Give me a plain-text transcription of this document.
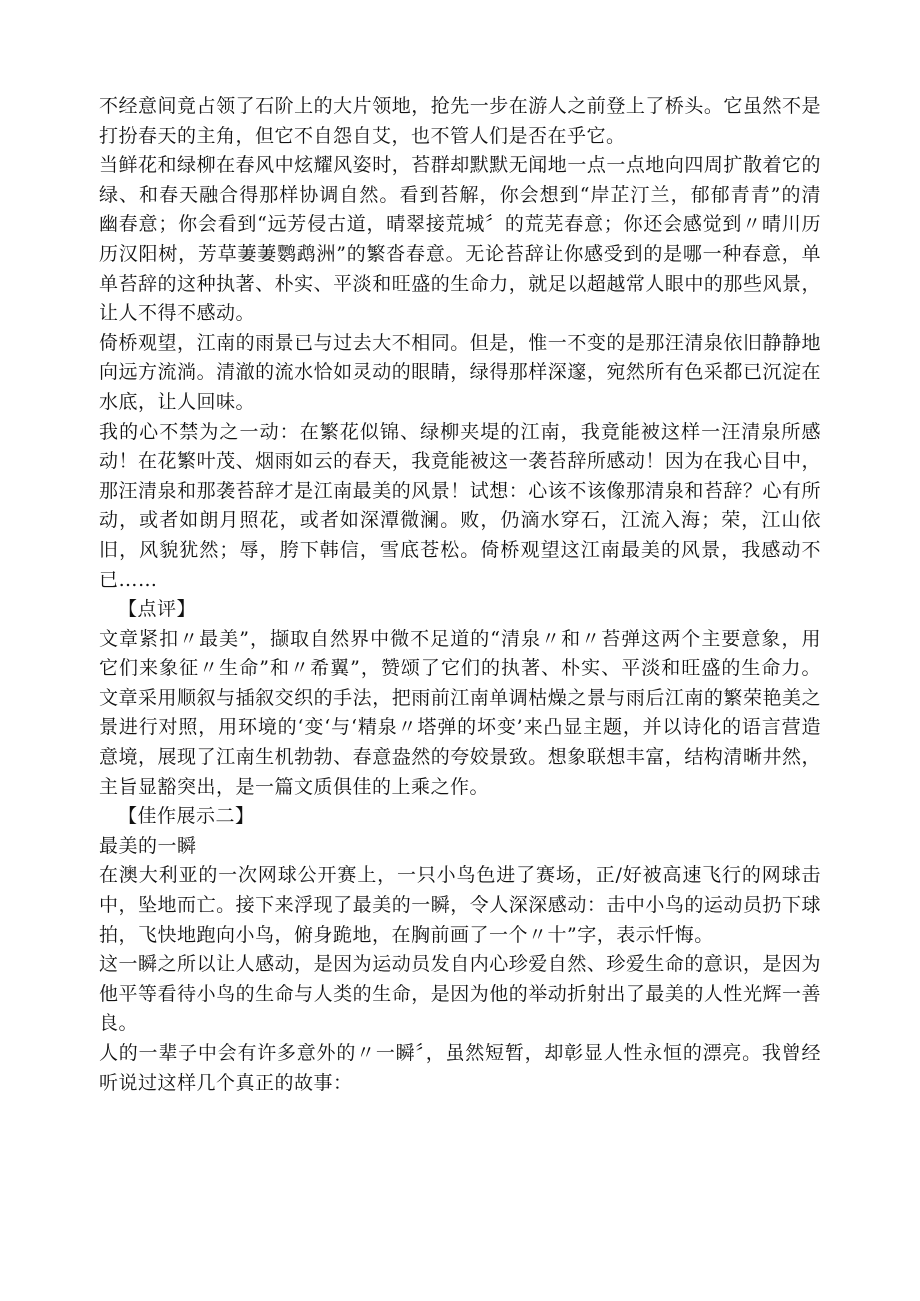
不经意间竟占领了石阶上的大片领地，抢先一步在游人之前登上了桥头。它虽然不是打扮春天的主角，但它不自怨自艾，也不管人们是否在乎它。

当鲜花和绿柳在春风中炫耀风姿时，苔群却默默无闻地一点一点地向四周扩散着它的绿、和春天融合得那样协调自然。看到苔解，你会想到“岸芷汀兰，郁郁青青”的清幽春意；你会看到“远芳侵古道，晴翠接荒城〞的荒芜春意；你还会感觉到〃晴川历历汉阳树，芳草萋萋鹦鹉洲”的繁沓春意。无论苔辞让你感受到的是哪一种春意，单单苔辞的这种执著、朴实、平淡和旺盛的生命力，就足以超越常人眼中的那些风景，让人不得不感动。

倚桥观望，江南的雨景已与过去大不相同。但是，惟一不变的是那汪清泉依旧静静地向远方流淌。清澈的流水恰如灵动的眼睛，绿得那样深邃，宛然所有色采都已沉淀在水底，让人回味。

我的心不禁为之一动：在繁花似锦、绿柳夹堤的江南，我竟能被这样一汪清泉所感动！在花繁叶茂、烟雨如云的春天，我竟能被这一袭苔辞所感动！因为在我心目中，那汪清泉和那袭苔辞才是江南最美的风景！试想：心该不该像那清泉和苔辞？心有所动，或者如朗月照花，或者如深潭微澜。败，仍滴水穿石，江流入海；荣，江山依旧，风貌犹然；辱，胯下韩信，雪底苍松。倚桥观望这江南最美的风景，我感动不已……

【点评】

文章紧扣〃最美”，撷取自然界中微不足道的“清泉〃和〃苔弹这两个主要意象，用它们来象征〃生命”和〃希翼”，赞颂了它们的执著、朴实、平淡和旺盛的生命力。文章采用顺叙与插叙交织的手法，把雨前江南单调枯燥之景与雨后江南的繁荣艳美之景进行对照，用环境的‘变‘与‘精泉〃塔弹的坏变’来凸显主题，并以诗化的语言营造意境，展现了江南生机勃勃、春意盎然的夸姣景致。想象联想丰富，结构清晰井然，主旨显豁突出，是一篇文质俱佳的上乘之作。

【佳作展示二】

最美的一瞬

在澳大利亚的一次网球公开赛上，一只小鸟色进了赛场，正/好被高速飞行的网球击中，坠地而亡。接下来浮现了最美的一瞬，令人深深感动：击中小鸟的运动员扔下球拍，飞快地跑向小鸟，俯身跪地，在胸前画了一个〃十”字，表示忏悔。

这一瞬之所以让人感动，是因为运动员发自内心珍爱自然、珍爱生命的意识，是因为他平等看待小鸟的生命与人类的生命，是因为他的举动折射出了最美的人性光辉一善良。

人的一辈子中会有许多意外的〃一瞬〞，虽然短暂，却彰显人性永恒的漂亮。我曾经听说过这样几个真正的故事：
